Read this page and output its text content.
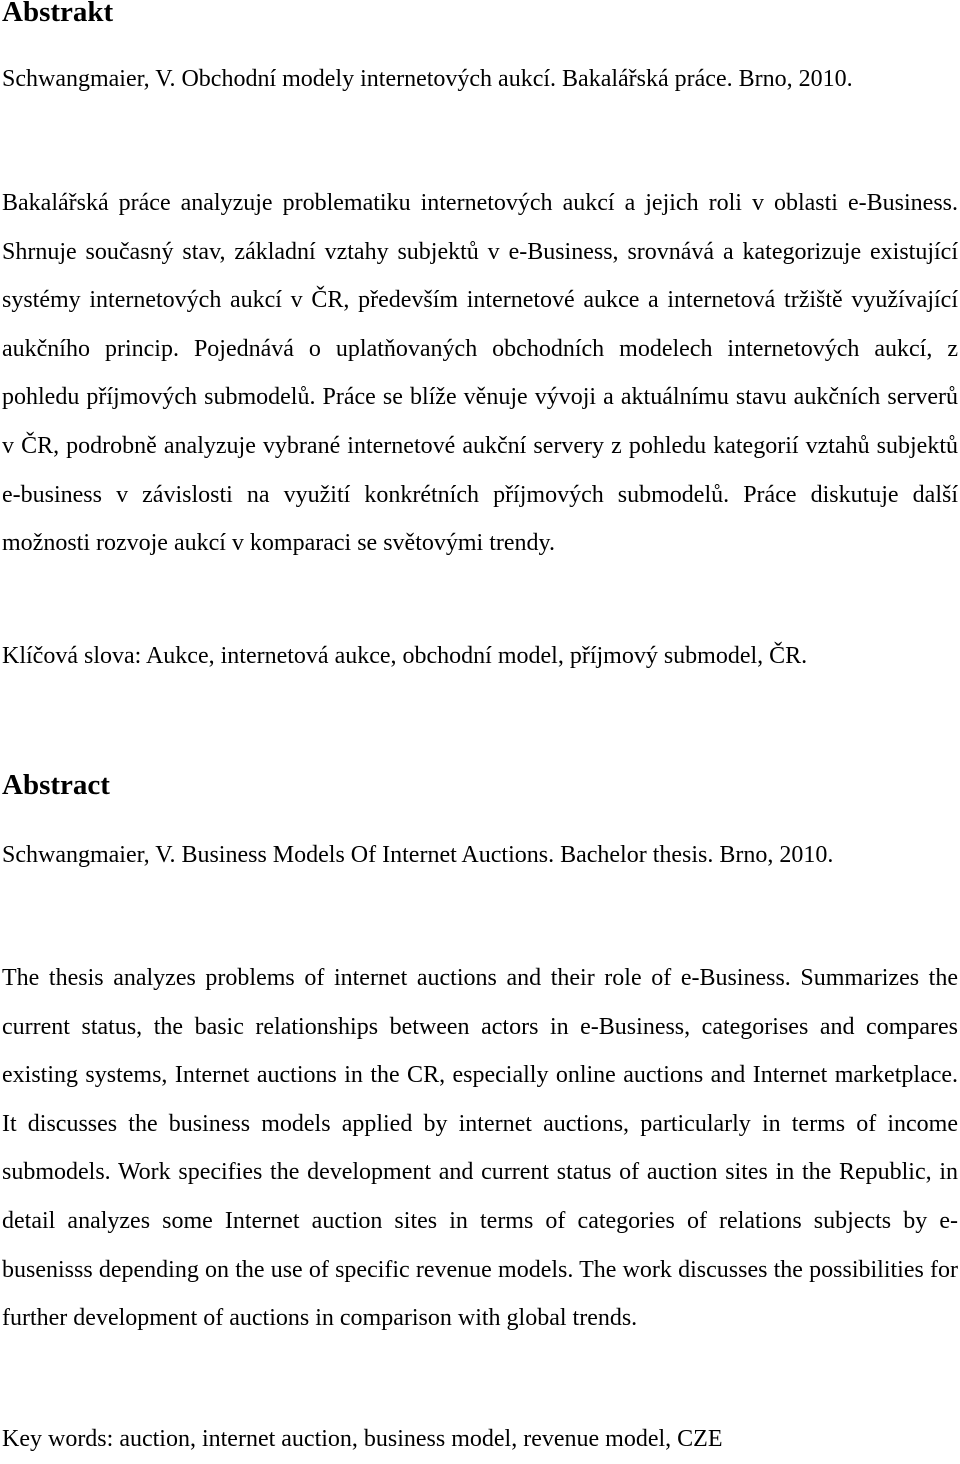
Abstrakt

Schwangmaier, V. Obchodní modely internetových aukcí. Bakalářská práce. Brno, 2010.

Bakalářská práce analyzuje problematiku internetových aukcí a jejich roli v oblasti e-Business. Shrnuje současný stav, základní vztahy subjektů v e-Business, srovnává a kategorizuje existující systémy internetových aukcí v ČR, především internetové aukce a internetová tržiště využívající aukčního princip. Pojednává o uplatňovaných obchodních modelech internetových aukcí, z pohledu příjmových submodelů. Práce se blíže věnuje vývoji a aktuálnímu stavu aukčních serverů v ČR, podrobně analyzuje vybrané internetové aukční servery z pohledu kategorií vztahů subjektů e-business v závislosti na využití konkrétních příjmových submodelů. Práce diskutuje další možnosti rozvoje aukcí v komparaci se světovými trendy.

Klíčová slova: Aukce, internetová aukce, obchodní model, příjmový submodel, ČR.

Abstract

Schwangmaier, V. Business Models Of Internet Auctions. Bachelor thesis. Brno, 2010.

The thesis analyzes problems of internet auctions and their role of e-Business. Summarizes the current status, the basic relationships between actors in e-Business, categorises and compares existing systems, Internet auctions in the CR, especially online auctions and Internet marketplace. It discusses the business models applied by internet auctions, particularly in terms of income submodels. Work specifies the development and current status of auction sites in the Republic, in detail analyzes some Internet auction sites in terms of categories of relations subjects by e-busenisss depending on the use of specific revenue models. The work discusses the possibilities for further development of auctions in comparison with global trends.

Key words: auction, internet auction, business model, revenue model, CZE
